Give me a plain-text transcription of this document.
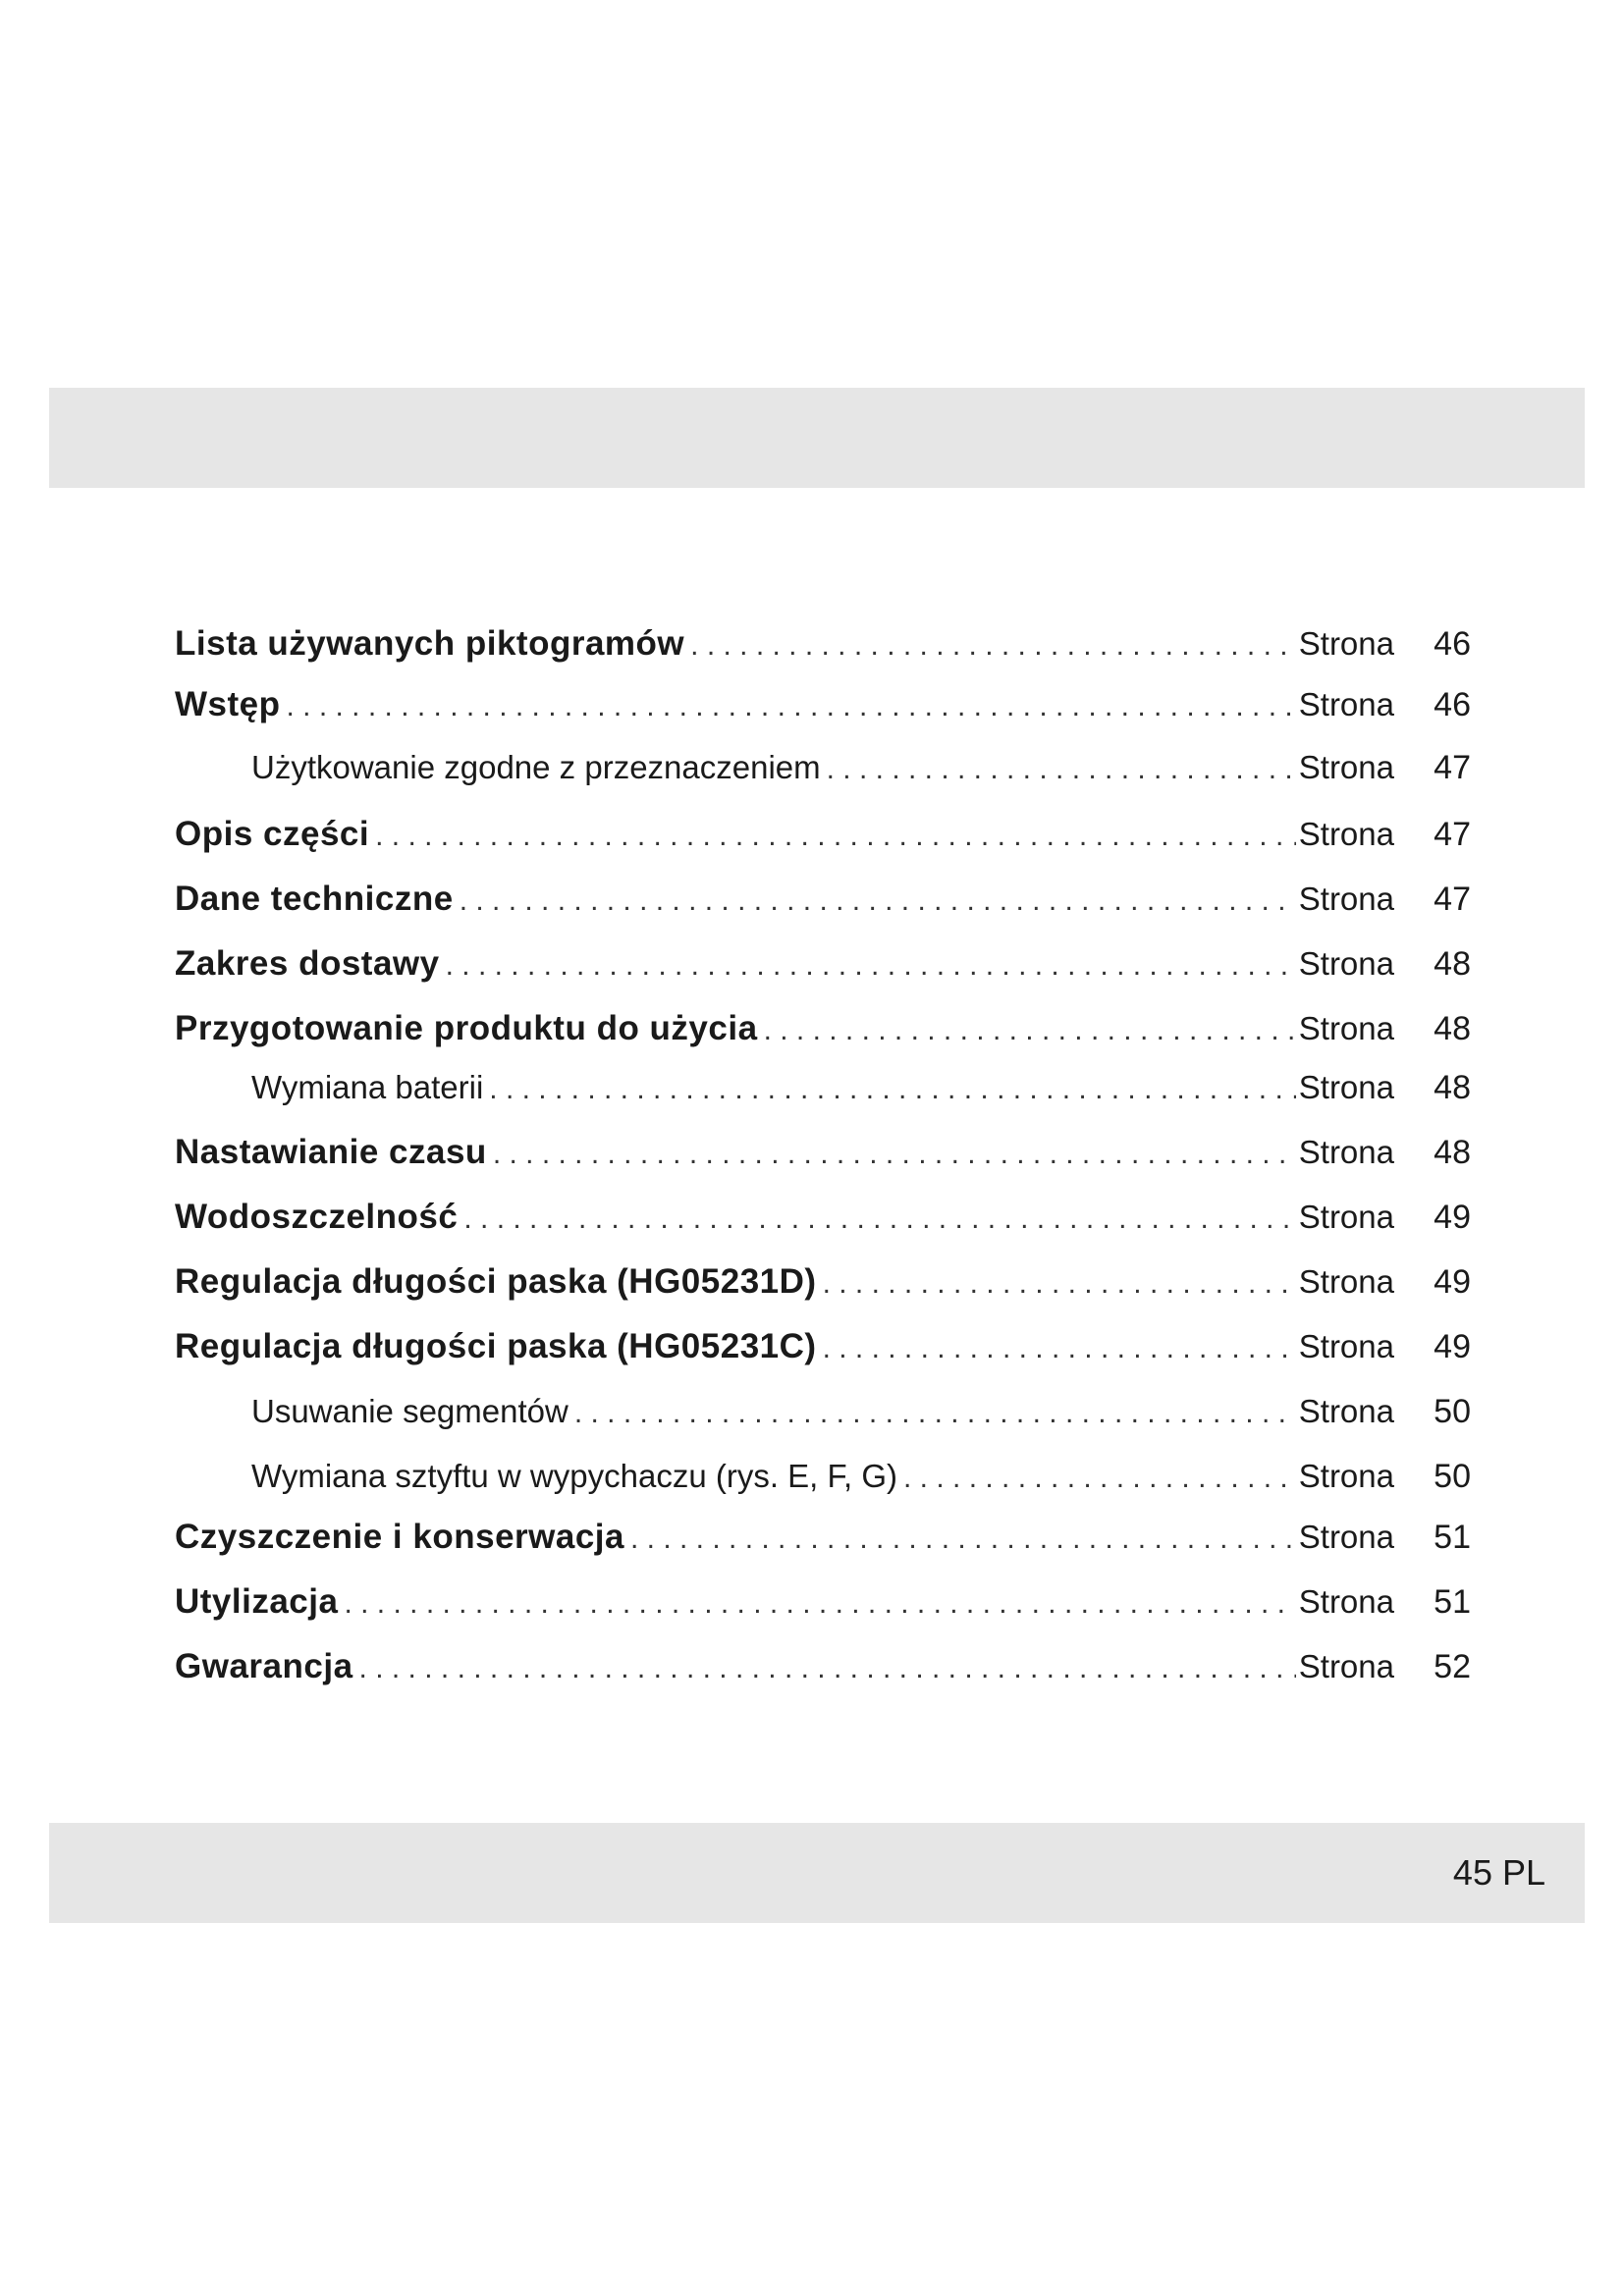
Lista używanych piktogramów . . .	Strona	46
Wstęp . . .	Strona	46
Użytkowanie zgodne z przeznaczeniem . . .	Strona	47
Opis części . . .	Strona	47
Dane techniczne . . .	Strona	47
Zakres dostawy . . .	Strona	48
Przygotowanie produktu do użycia . . .	Strona	48
Wymiana baterii . . .	Strona	48
Nastawianie czasu . . .	Strona	48
Wodoszczelność . . .	Strona	49
Regulacja długości paska (HG05231D) . . .	Strona	49
Regulacja długości paska (HG05231C) . . .	Strona	49
Usuwanie segmentów . . .	Strona	50
Wymiana sztyftu w wypychaczu (rys. E, F, G) . . .	Strona	50
Czyszczenie i konserwacja . . .	Strona	51
Utylizacja . . .	Strona	51
Gwarancja . . .	Strona	52
45 PL
